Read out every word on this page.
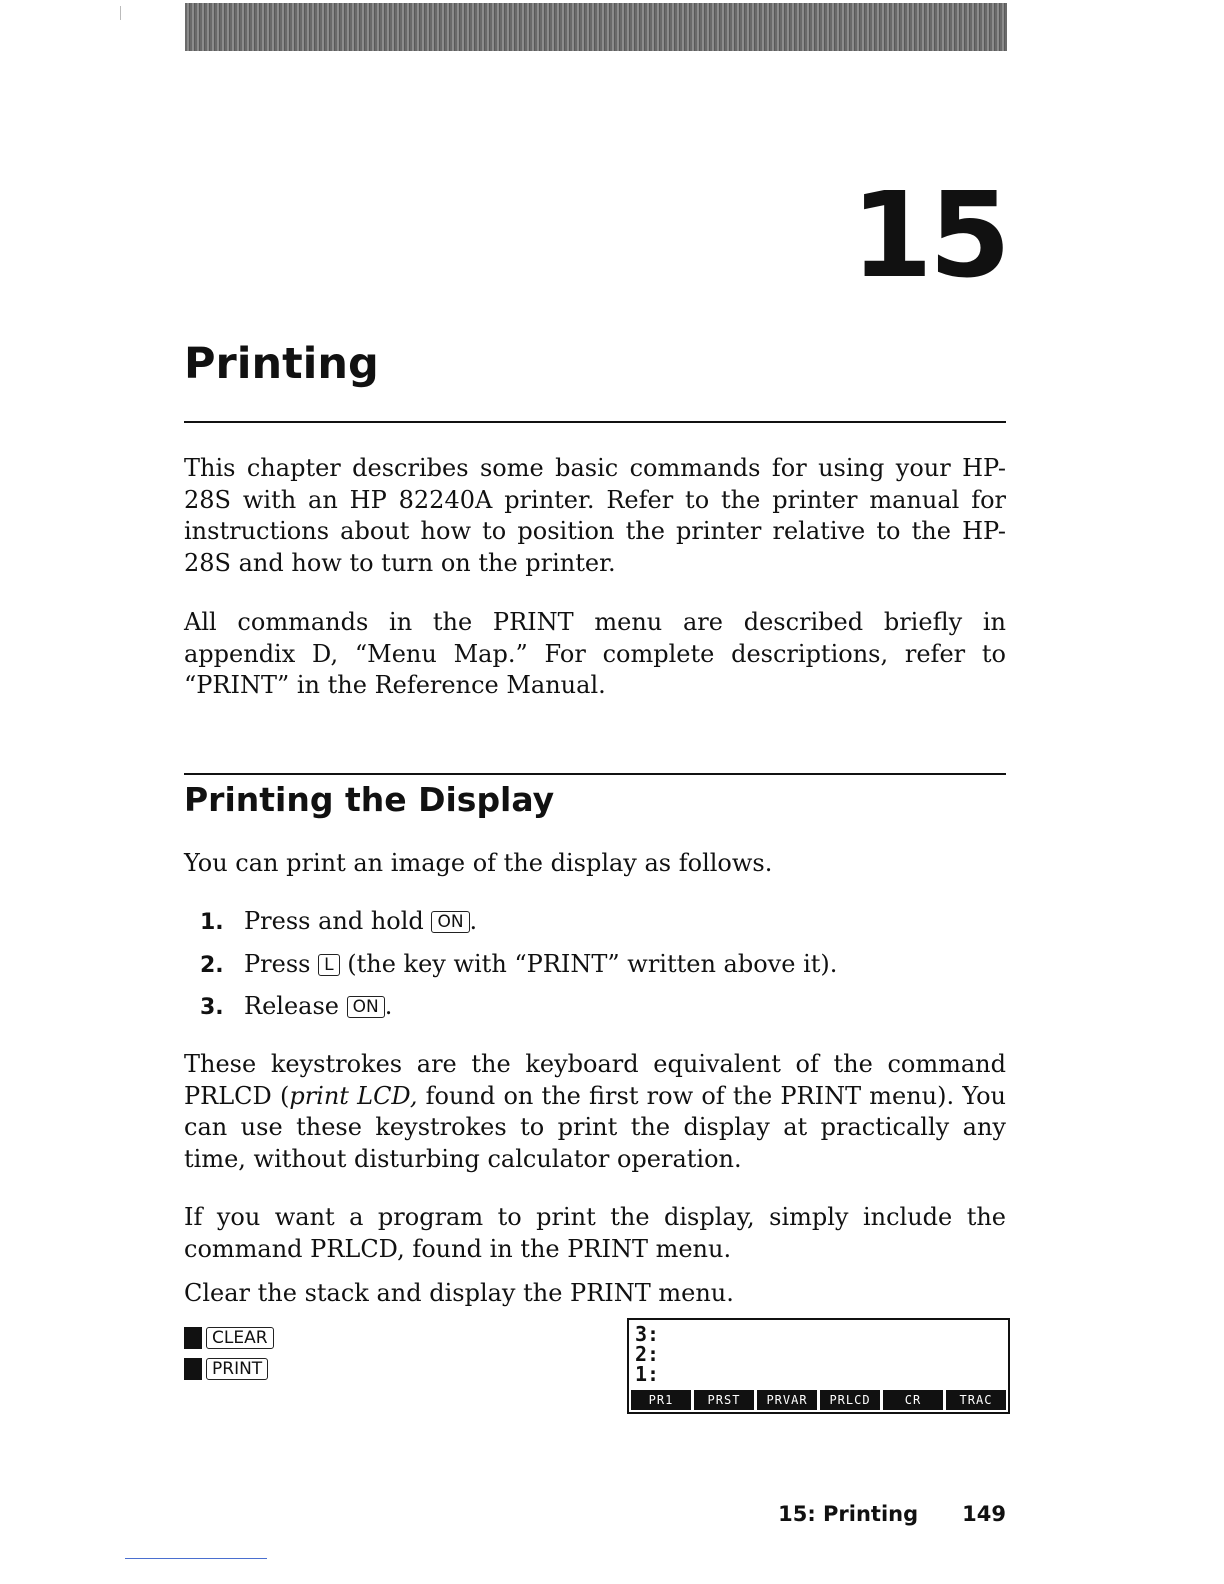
15
Printing

This chapter describes some basic commands for using your HP-28S with an HP 82240A printer. Refer to the printer manual for instructions about how to position the printer relative to the HP-28S and how to turn on the printer.

All commands in the PRINT menu are described briefly in appendix D, “Menu Map.” For complete descriptions, refer to “PRINT” in the Reference Manual.

Printing the Display

You can print an image of the display as follows.

1. Press and hold ON .
2. Press L (the key with “PRINT” written above it).
3. Release ON .

These keystrokes are the keyboard equivalent of the command PRLCD (print LCD, found on the first row of the PRINT menu). You can use these keystrokes to print the display at practically any time, without disturbing calculator operation.

If you want a program to print the display, simply include the command PRLCD, found in the PRINT menu.

Clear the stack and display the PRINT menu.

CLEAR
PRINT
3:
2:
1:
PR1	PRST	PRVAR	PRLCD	CR	TRAC
15: Printing 149
